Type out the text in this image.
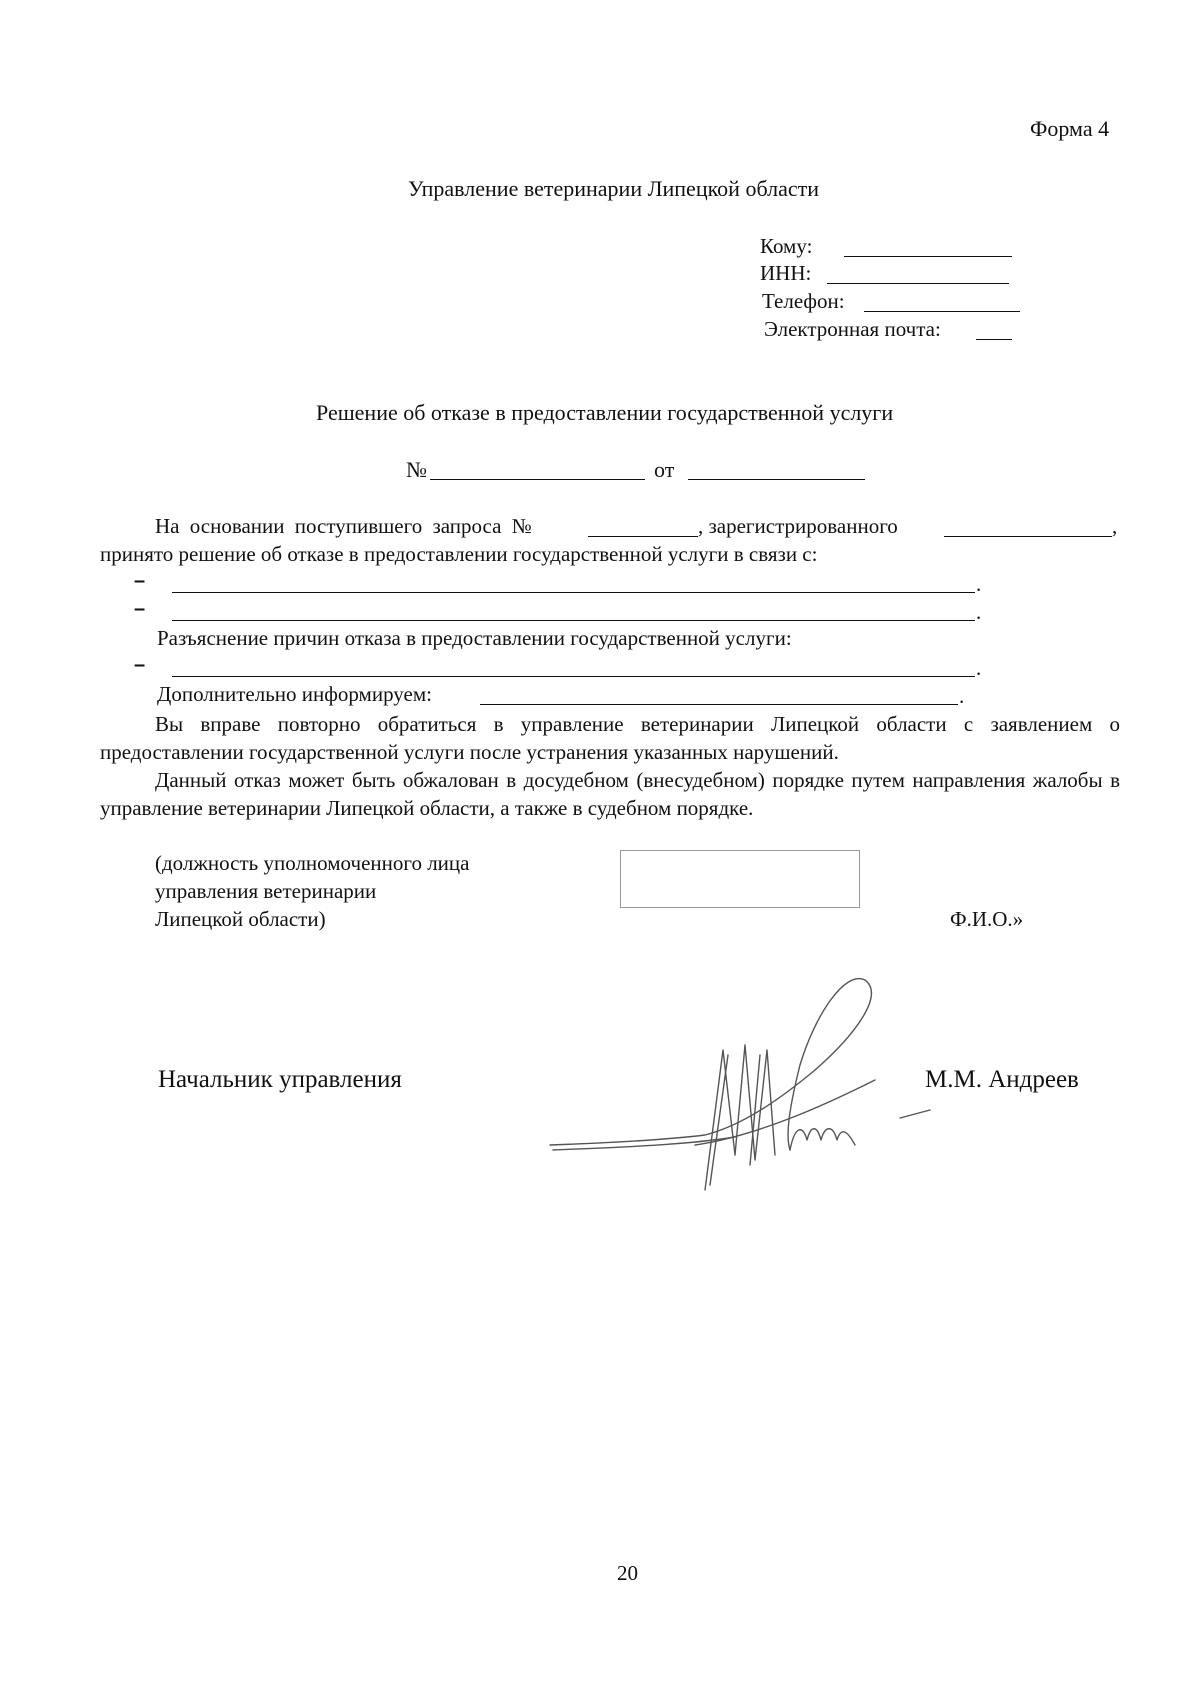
Форма 4
Управление ветеринарии Липецкой области
Кому:
ИНН:
Телефон:
Электронная почта:
Решение об отказе в предоставлении государственной услуги
№	от
На основании поступившего запроса №	, зарегистрированного	,
принято решение об отказе в предоставлении государственной услуги в связи с:
–	.
–	.
Разъяснение причин отказа в предоставлении государственной услуги:
–	.
Дополнительно информируем:	.
Вы вправе повторно обратиться в управление ветеринарии Липецкой области с заявлением о предоставлении государственной услуги после устранения указанных нарушений.
Данный отказ может быть обжалован в досудебном (внесудебном) порядке путем направления жалобы в управление ветеринарии Липецкой области, а также в судебном порядке.
(должность уполномоченного лица
управления ветеринарии
Липецкой области)	Ф.И.О.»
Начальник управления	М.М. Андреев
20
